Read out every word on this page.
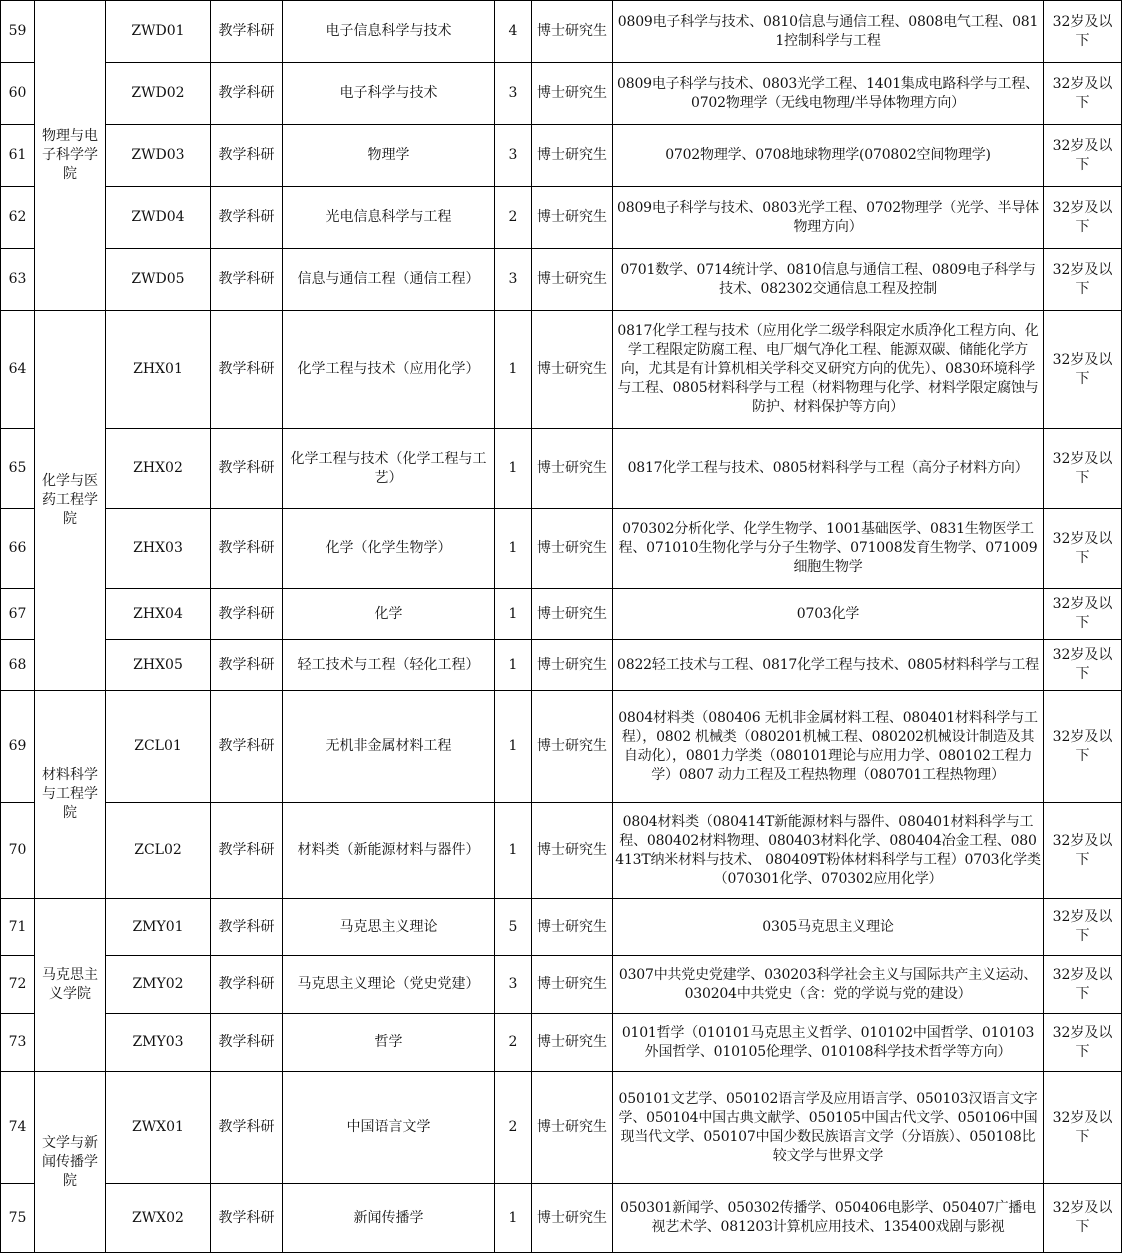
59	物理与电子科学学院	ZWD01	教学科研	电子信息科学与技术	4	博士研究生	0809电子科学与技术、0810信息与通信工程、0808电气工程、0811控制科学与工程	32岁及以下
60		ZWD02	教学科研	电子科学与技术	3	博士研究生	0809电子科学与技术、0803光学工程、1401集成电路科学与工程、0702物理学（无线电物理/半导体物理方向）	32岁及以下
61		ZWD03	教学科研	物理学	3	博士研究生	0702物理学、0708地球物理学(070802空间物理学)	32岁及以下
62		ZWD04	教学科研	光电信息科学与工程	2	博士研究生	0809电子科学与技术、0803光学工程、0702物理学（光学、半导体物理方向）	32岁及以下
63		ZWD05	教学科研	信息与通信工程（通信工程）	3	博士研究生	0701数学、0714统计学、0810信息与通信工程、0809电子科学与技术、082302交通信息工程及控制	32岁及以下
64	化学与医药工程学院	ZHX01	教学科研	化学工程与技术（应用化学）	1	博士研究生	0817化学工程与技术（应用化学二级学科限定水质净化工程方向、化学工程限定防腐工程、电厂烟气净化工程、能源双碳、储能化学方向，尤其是有计算机相关学科交叉研究方向的优先）、0830环境科学与工程、0805材料科学与工程（材料物理与化学、材料学限定腐蚀与防护、材料保护等方向）	32岁及以下
65		ZHX02	教学科研	化学工程与技术（化学工程与工艺）	1	博士研究生	0817化学工程与技术、0805材料科学与工程（高分子材料方向）	32岁及以下
66		ZHX03	教学科研	化学（化学生物学）	1	博士研究生	070302分析化学、化学生物学、1001基础医学、0831生物医学工程、071010生物化学与分子生物学、071008发育生物学、071009细胞生物学	32岁及以下
67		ZHX04	教学科研	化学	1	博士研究生	0703化学	32岁及以下
68		ZHX05	教学科研	轻工技术与工程（轻化工程）	1	博士研究生	0822轻工技术与工程、0817化学工程与技术、0805材料科学与工程	32岁及以下
69	材料科学与工程学院	ZCL01	教学科研	无机非金属材料工程	1	博士研究生	0804材料类（080406 无机非金属材料工程、080401材料科学与工程），0802 机械类（080201机械工程、080202机械设计制造及其自动化），0801力学类（080101理论与应用力学、080102工程力学）0807 动力工程及工程热物理（080701工程热物理）	32岁及以下
70		ZCL02	教学科研	材料类（新能源材料与器件）	1	博士研究生	0804材料类（080414T新能源材料与器件、080401材料科学与工程、080402材料物理、080403材料化学、080404冶金工程、080413T纳米材料与技术、 080409T粉体材料科学与工程）0703化学类（070301化学、070302应用化学）	32岁及以下
71	马克思主义学院	ZMY01	教学科研	马克思主义理论	5	博士研究生	0305马克思主义理论	32岁及以下
72		ZMY02	教学科研	马克思主义理论（党史党建）	3	博士研究生	0307中共党史党建学、030203科学社会主义与国际共产主义运动、030204中共党史（含：党的学说与党的建设）	32岁及以下
73		ZMY03	教学科研	哲学	2	博士研究生	0101哲学（010101马克思主义哲学、010102中国哲学、010103外国哲学、010105伦理学、010108科学技术哲学等方向）	32岁及以下
74	文学与新闻传播学院	ZWX01	教学科研	中国语言文学	2	博士研究生	050101文艺学、050102语言学及应用语言学、050103汉语言文字学、050104中国古典文献学、050105中国古代文学、050106中国现当代文学、050107中国少数民族语言文学（分语族）、050108比较文学与世界文学	32岁及以下
75		ZWX02	教学科研	新闻传播学	1	博士研究生	050301新闻学、050302传播学、050406电影学、050407广播电视艺术学、081203计算机应用技术、135400戏剧与影视	32岁及以下
